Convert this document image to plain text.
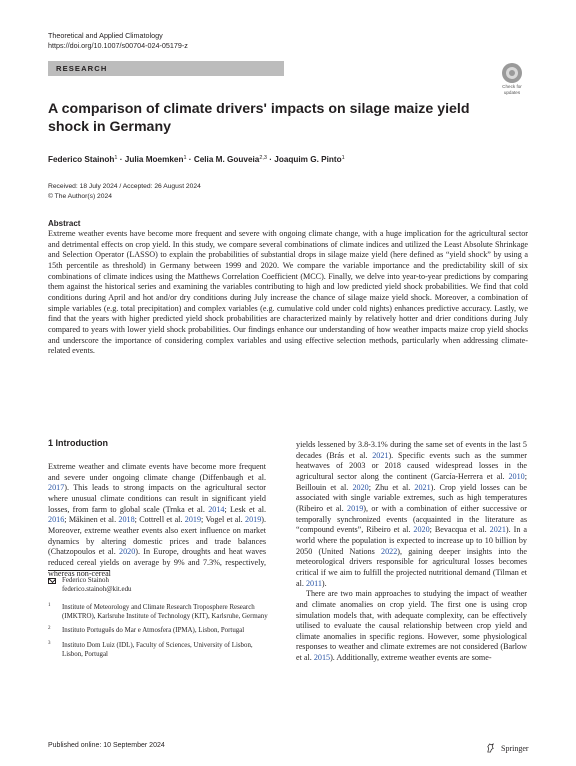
Theoretical and Applied Climatology
https://doi.org/10.1007/s00704-024-05179-z
RESEARCH
Check for
updates
A comparison of climate drivers' impacts on silage maize yield shock in Germany
Federico Stainoh$^1$ · Julia Moemken$^1$ · Celia M. Gouveia$^{2,3}$ · Joaquim G. Pinto$^1$
Received: 18 July 2024 / Accepted: 26 August 2024
© The Author(s) 2024
Abstract
Extreme weather events have become more frequent and severe with ongoing climate change, with a huge implication for the agricultural sector and detrimental effects on crop yield. In this study, we compare several combinations of climate indices and utilized the Least Absolute Shrinkage and Selection Operator (LASSO) to explain the probabilities of substantial drops in silage maize yield (here defined as “yield shock” by using a 15th percentile as threshold) in Germany between 1999 and 2020. We compare the variable importance and the predictability skill of six combinations of climate indices using the Matthews Correlation Coefficient (MCC). Finally, we delve into year-to-year predictions by comparing them against the historical series and examining the variables contributing to high and low predicted yield shock probabilities. We find that cold conditions during April and hot and/or dry conditions during July increase the chance of silage maize yield shock. Moreover, a combination of simple variables (e.g. total precipitation) and complex variables (e.g. cumulative cold under cold nights) enhances predictive accuracy. Lastly, we find that the years with higher predicted yield shock probabilities are characterized mainly by relatively hotter and drier conditions during July compared to years with lower yield shock probabilities. Our findings enhance our understanding of how weather impacts maize crop yield shocks and underscore the importance of considering complex variables and using effective selection methods, particularly when addressing climate-related events.
1 Introduction

Extreme weather and climate events have become more frequent and severe under ongoing climate change (Diffenbaugh et al. 2017). This leads to strong impacts on the agricultural sector where unusual climate conditions can result in significant yield losses, from farm to global scale (Trnka et al. 2014; Lesk et al. 2016; Mäkinen et al. 2018; Cottrell et al. 2019; Vogel et al. 2019). Moreover, extreme weather events also exert influence on market dynamics by altering domestic prices and trade balances (Chatzopoulos et al. 2020). In Europe, droughts and heat waves reduced cereal yields on average by 9% and 7.3%, respectively, whereas non-cereal

yields lessened by 3.8-3.1% during the same set of events in the last 5 decades (Brás et al. 2021). Specific events such as the summer heatwaves of 2003 or 2018 caused widespread losses in the agricultural sector along the continent (García-Herrera et al. 2010; Beillouin et al. 2020; Zhu et al. 2021). Crop yield losses can be associated with single variable extremes, such as high temperatures (Ribeiro et al. 2019), or with a combination of either successive or temporally synchronized events (acquainted in the literature as “compound events”, Ribeiro et al. 2020; Bevacqua et al. 2021). In a world where the population is expected to increase up to 10 billion by 2050 (United Nations 2022), gaining deeper insights into the meteorological drivers responsible for agricultural losses becomes critical if we aim to fulfill the projected nutritional demand (Tilman et al. 2011).

There are two main approaches to studying the impact of weather and climate anomalies on crop yield. The first one is using crop simulation models that, with adequate complexity, can be effectively utilised to evaluate the causal relationship between crop yield and climate anomalies in specific regions. However, some physiological responses to weather and climate extremes are not considered (Barlow et al. 2015). Additionally, extreme weather events are some-

Federico Stainoh
federico.stainoh@kit.edu
1 Institute of Meteorology and Climate Research Troposphere Research (IMKTRO), Karlsruhe Institute of Technology (KIT), Karlsruhe, Germany
2 Instituto Português do Mar e Atmosfera (IPMA), Lisbon, Portugal
3 Instituto Dom Luiz (IDL), Faculty of Sciences, University of Lisbon, Lisbon, Portugal
Published online: 10 September 2024	Springer
